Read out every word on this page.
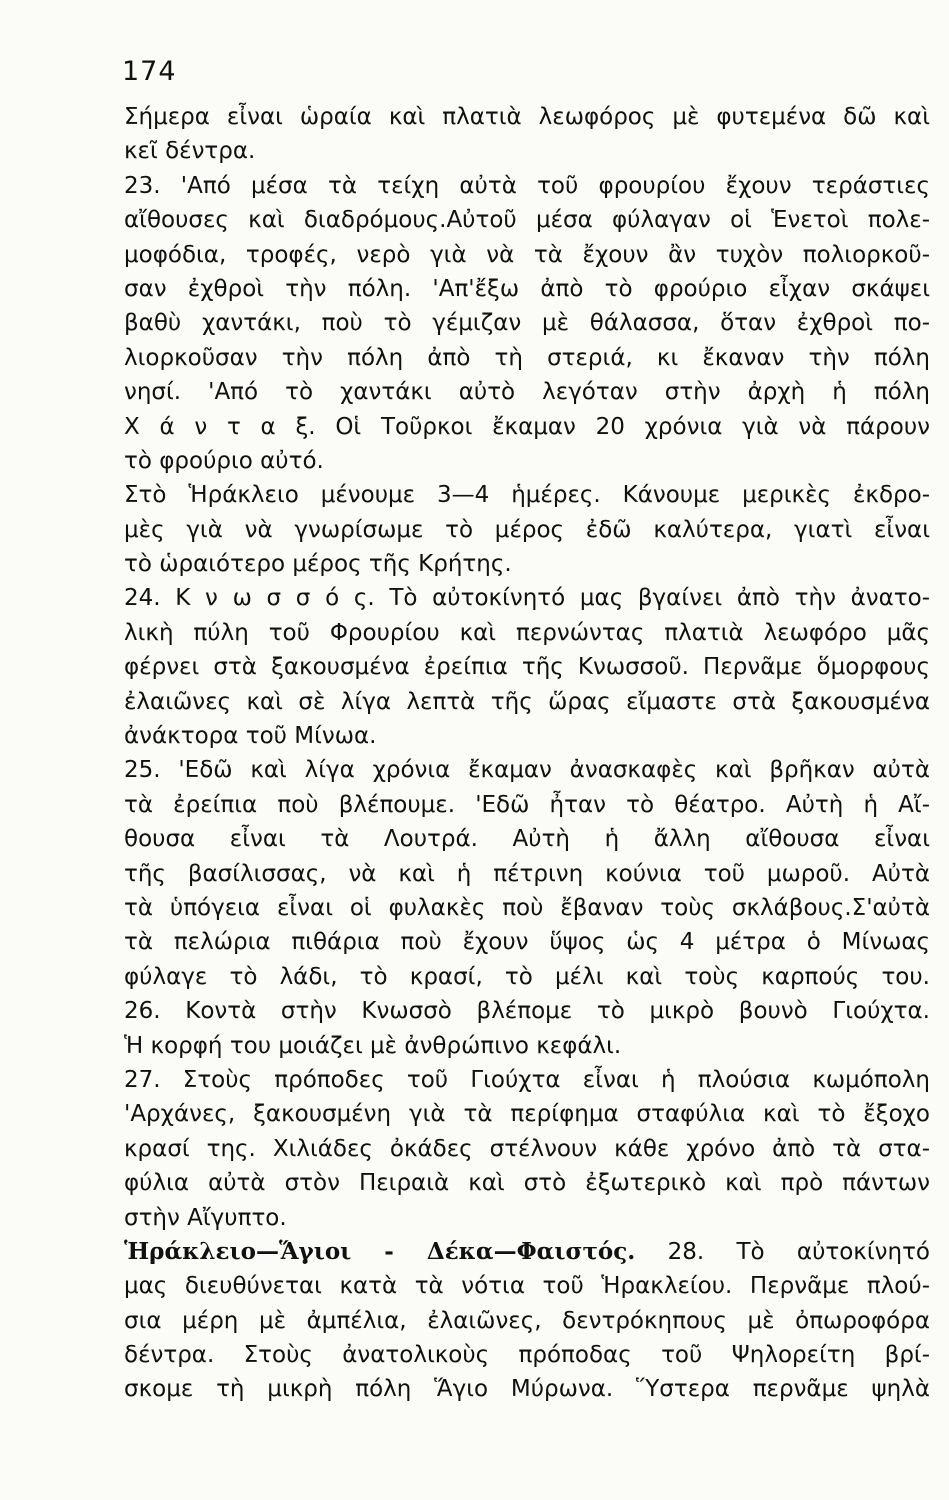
174
Σήμερα εἶναι ὡραία καὶ πλατιὰ λεωφόρος μὲ φυτεμένα δῶ καὶ
κεῖ δέντρα.
23. 'Από μέσα τὰ τείχη αὐτὰ τοῦ φρουρίου ἔχουν τεράστιες
αἴθουσες καὶ διαδρόμους.Αὐτοῦ μέσα φύλαγαν οἱ Ἑνετοὶ πολε-
μοφόδια, τροφές, νερὸ γιὰ νὰ τὰ ἔχουν ἂν τυχὸν πολιορκοῦ-
σαν ἐχθροὶ τὴν πόλη. 'Απ'ἔξω ἀπὸ τὸ φρούριο εἶχαν σκάψει
βαθὺ χαντάκι, ποὺ τὸ γέμιζαν μὲ θάλασσα, ὅταν ἐχθροὶ πο-
λιορκοῦσαν τὴν πόλη ἀπὸ τὴ στεριά, κι ἔκαναν τὴν πόλη
νησί. 'Από τὸ χαντάκι αὐτὸ λεγόταν στὴν ἀρχὴ ἡ πόλη
Χ ά ν τ α ξ. Οἱ Τοῦρκοι ἔκαμαν 20 χρόνια γιὰ νὰ πάρουν
τὸ φρούριο αὐτό.
Στὸ Ἡράκλειο μένουμε 3—4 ἡμέρες. Κάνουμε μερικὲς ἐκδρο-
μὲς γιὰ νὰ γνωρίσωμε τὸ μέρος ἐδῶ καλύτερα, γιατὶ εἶναι
τὸ ὡραιότερο μέρος τῆς Κρήτης.
24. Κ ν ω σ σ ό ς. Τὸ αὐτοκίνητό μας βγαίνει ἀπὸ τὴν ἀνατο-
λικὴ πύλη τοῦ Φρουρίου καὶ περνώντας πλατιὰ λεωφόρο μᾶς
φέρνει στὰ ξακουσμένα ἐρείπια τῆς Κνωσσοῦ. Περνᾶμε ὅμορφους
ἐλαιῶνες καὶ σὲ λίγα λεπτὰ τῆς ὥρας εἴμαστε στὰ ξακουσμένα
ἀνάκτορα τοῦ Μίνωα.
25. 'Εδῶ καὶ λίγα χρόνια ἔκαμαν ἀνασκαφὲς καὶ βρῆκαν αὐτὰ
τὰ ἐρείπια ποὺ βλέπουμε. 'Εδῶ ἦταν τὸ θέατρο. Αὐτὴ ἡ Αἴ-
θουσα εἶναι τὰ Λουτρά. Αὐτὴ ἡ ἄλλη αἴθουσα εἶναι
τῆς βασίλισσας, νὰ καὶ ἡ πέτρινη κούνια τοῦ μωροῦ. Αὐτὰ
τὰ ὑπόγεια εἶναι οἱ φυλακὲς ποὺ ἔβαναν τοὺς σκλάβους.Σ'αὐτὰ
τὰ πελώρια πιθάρια ποὺ ἔχουν ὕψος ὡς 4 μέτρα ὁ Μίνωας
φύλαγε τὸ λάδι, τὸ κρασί, τὸ μέλι καὶ τοὺς καρπούς του.
26. Κοντὰ στὴν Κνωσσὸ βλέπομε τὸ μικρὸ βουνὸ Γιούχτα.
Ἡ κορφή του μοιάζει μὲ ἀνθρώπινο κεφάλι.
27. Στοὺς πρόποδες τοῦ Γιούχτα εἶναι ἡ πλούσια κωμόπολη
'Αρχάνες, ξακουσμένη γιὰ τὰ περίφημα σταφύλια καὶ τὸ ἔξοχο
κρασί της. Χιλιάδες ὀκάδες στέλνουν κάθε χρόνο ἀπὸ τὰ στα-
φύλια αὐτὰ στὸν Πειραιὰ καὶ στὸ ἐξωτερικὸ καὶ πρὸ πάντων
στὴν Αἴγυπτο.
Ἡράκλειο—Ἅγιοι - Δέκα—Φαιστός. 28. Τὸ αὐτοκίνητό
μας διευθύνεται κατὰ τὰ νότια τοῦ Ἡρακλείου. Περνᾶμε πλού-
σια μέρη μὲ ἀμπέλια, ἐλαιῶνες, δεντρόκηπους μὲ ὀπωροφόρα
δέντρα. Στοὺς ἀνατολικοὺς πρόποδας τοῦ Ψηλορείτη βρί-
σκομε τὴ μικρὴ πόλη Ἅγιο Μύρωνα. Ὕστερα περνᾶμε ψηλὰ
